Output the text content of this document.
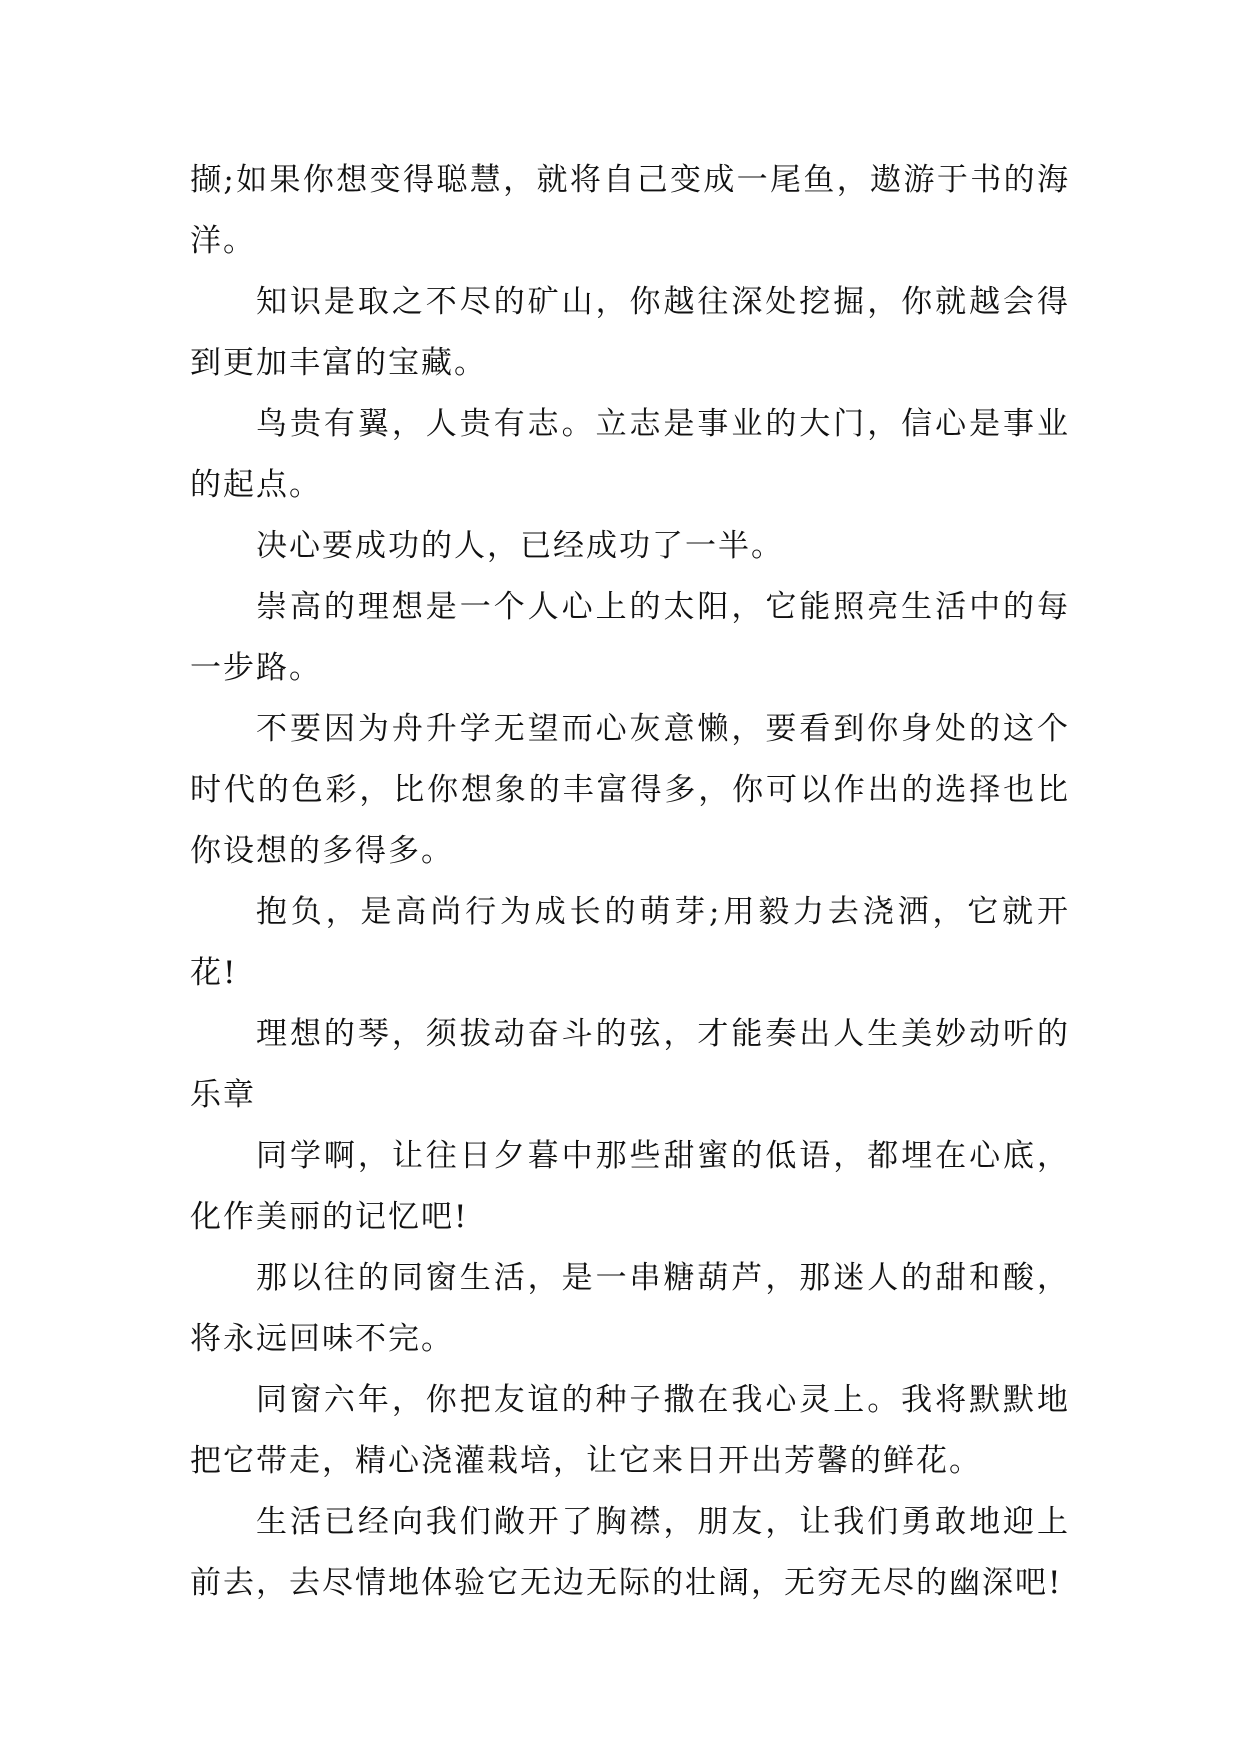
撷;如果你想变得聪慧，就将自己变成一尾鱼，遨游于书的海洋。

知识是取之不尽的矿山，你越往深处挖掘，你就越会得到更加丰富的宝藏。

鸟贵有翼，人贵有志。立志是事业的大门，信心是事业的起点。

决心要成功的人，已经成功了一半。

崇高的理想是一个人心上的太阳，它能照亮生活中的每一步路。

不要因为舟升学无望而心灰意懒，要看到你身处的这个时代的色彩，比你想象的丰富得多，你可以作出的选择也比你设想的多得多。

抱负，是高尚行为成长的萌芽;用毅力去浇洒，它就开花!

理想的琴，须拔动奋斗的弦，才能奏出人生美妙动听的乐章

同学啊，让往日夕暮中那些甜蜜的低语，都埋在心底，化作美丽的记忆吧!

那以往的同窗生活，是一串糖葫芦，那迷人的甜和酸，将永远回味不完。

同窗六年，你把友谊的种子撒在我心灵上。我将默默地把它带走，精心浇灌栽培，让它来日开出芳馨的鲜花。

生活已经向我们敞开了胸襟，朋友，让我们勇敢地迎上前去，去尽情地体验它无边无际的壮阔，无穷无尽的幽深吧!
